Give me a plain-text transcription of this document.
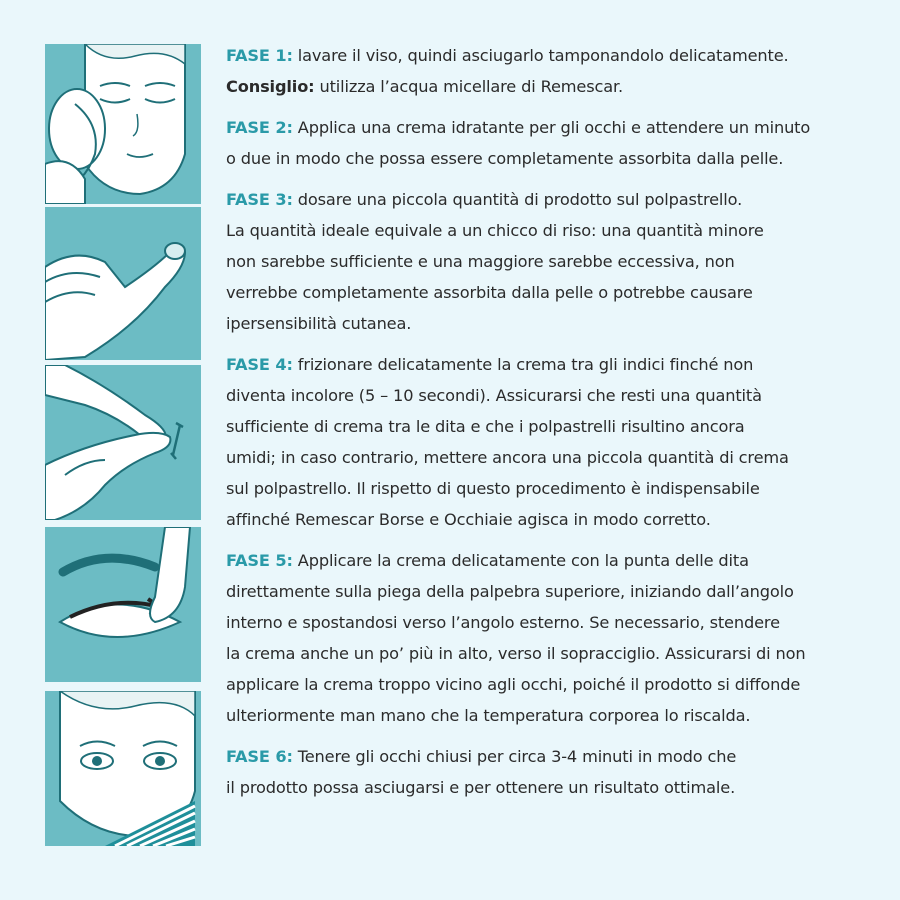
FASE 1: lavare il viso, quindi asciugarlo tamponandolo delicatamente.
Consiglio: utilizza l’acqua micellare di Remescar.
FASE 2: Applica una crema idratante per gli occhi e attendere un minuto
o due in modo che possa essere completamente assorbita dalla pelle.
FASE 3: dosare una piccola quantità di prodotto sul polpastrello.
La quantità ideale equivale a un chicco di riso: una quantità minore
non sarebbe sufficiente e una maggiore sarebbe eccessiva, non
verrebbe completamente assorbita dalla pelle o potrebbe causare
ipersensibilità cutanea.
FASE 4: frizionare delicatamente la crema tra gli indici finché non
diventa incolore (5 – 10 secondi). Assicurarsi che resti una quantità
sufficiente di crema tra le dita e che i polpastrelli risultino ancora
umidi; in caso contrario, mettere ancora una piccola quantità di crema
sul polpastrello. Il rispetto di questo procedimento è indispensabile
affinché Remescar Borse e Occhiaie agisca in modo corretto.
FASE 5: Applicare la crema delicatamente con la punta delle dita
direttamente sulla piega della palpebra superiore, iniziando dall’angolo
interno e spostandosi verso l’angolo esterno. Se necessario, stendere
la crema anche un po’ più in alto, verso il sopracciglio. Assicurarsi di non
applicare la crema troppo vicino agli occhi, poiché il prodotto si diffonde
ulteriormente man mano che la temperatura corporea lo riscalda.
FASE 6: Tenere gli occhi chiusi per circa 3-4 minuti in modo che
il prodotto possa asciugarsi e per ottenere un risultato ottimale.
